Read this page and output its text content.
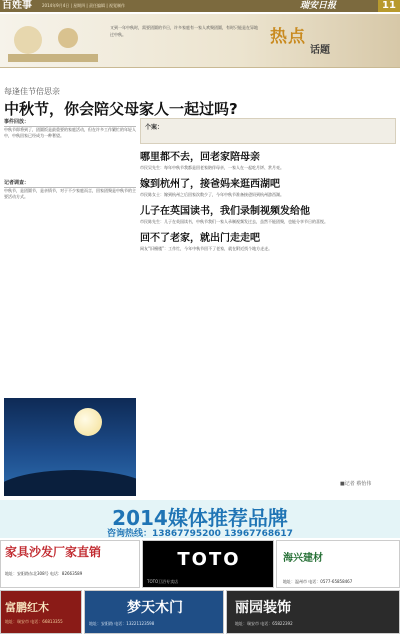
百姓事	2014年9月4日 | 星期四 | 责任编辑 | 视觉制作	瑞安日报	11
又到一年中秋时，需要团圆的节日，许多家庭有一家人欢聚团圆，有时只能是在异地过中秋。	热点
话题
每逢佳节倍思亲
中秋节，你会陪父母家人一起过吗?
事件回放：

中秋节即将到了，团圆饭是最重要的家庭活动，但在许多工作繁忙的年轻人中，中秋回家已经成为一种奢望。

记者调查：

中秋节，是团圆节，是亲情节，对于不少家庭而言，回家团聚是中秋节的主要活动方式。

个案：
哪里都不去，回老家陪母亲

市民吴先生：每年中秋节我都是回老家陪伴母亲，一家人在一起吃月饼、赏月亮。

嫁到杭州了，接爸妈来逛西湖吧

市民陈女士：嫁到杭州之后回家次数少了，今年中秋节准备接爸妈到杭州游西湖。

儿子在英国读书，我们录制视频发给他

市民陈先生：儿子在英国读书，中秋节我们一家人录制视频发过去，虽然不能团聚，也能分享节日的喜悦。

回不了老家，就出门走走吧

网友“旧檀楼”：工作忙，今年中秋节回不了老家，就在附近找个地方走走。

■记者 蔡怡伟
2014媒体推荐品牌
咨询热线：13867795200 13967768617
家具沙发厂家直销
地址：安阳路东北308号 电话：82663589
TOTO
TOTO卫浴专卖店
海兴建材
地址：温州市 电话：0577-65858467
富鹏红木
地址：瑞安市 电话：66813355
梦天木门
地址：安阳路 电话：13221123598
丽园装饰
地址：瑞安市 电话：65822392
